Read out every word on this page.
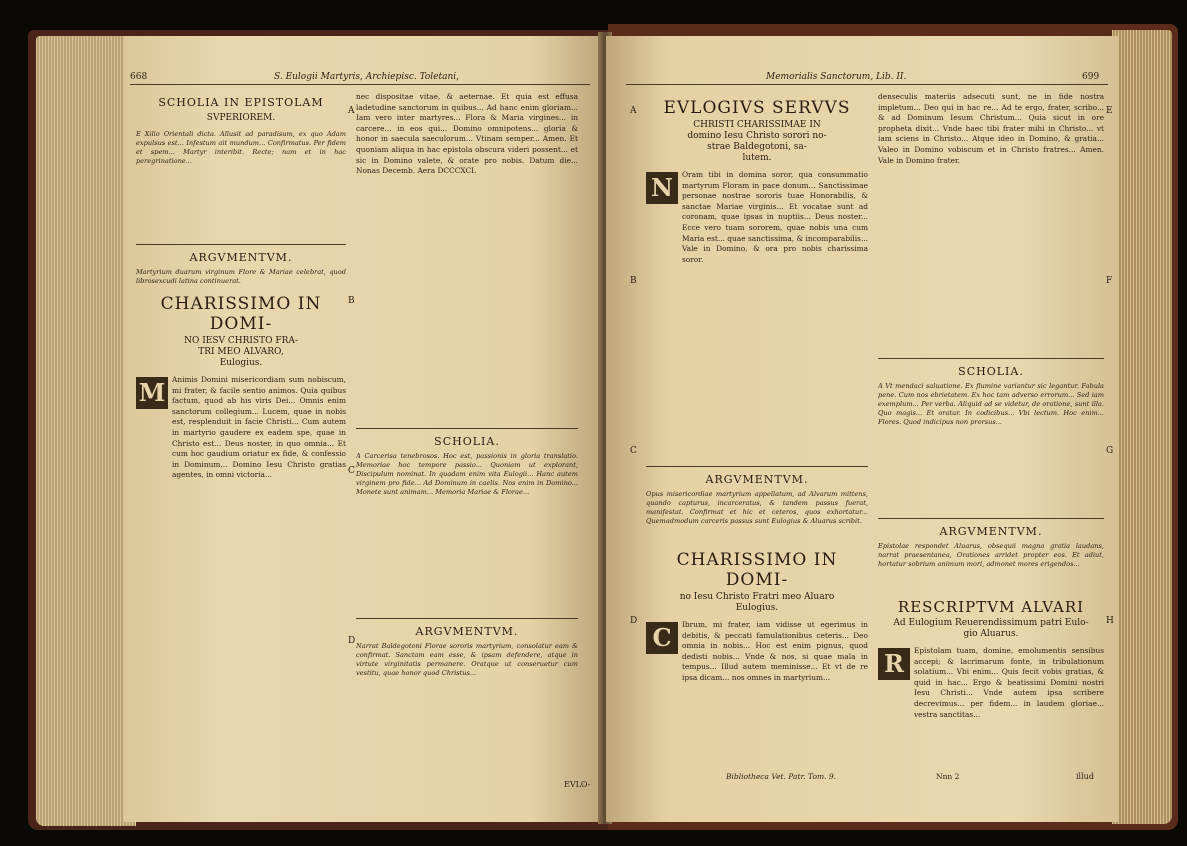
668	S. Eulogii Martyris, Archiepisc. Toletani,
SCHOLIA IN EPISTOLAM
SVPERIOREM.
E Xilio Orientali dicta. Allusit ad paradisum, ex quo Adam expulsus est... Infestum ait mundum... Confirmatus. Per fidem et spem... Martyr interibit. Recte; nam et in hac peregrinatione...
ARGVMENTVM.
Martyrium duarum virginum Flore & Mariae celebrat, quod librosexcudi latina continuerat.
CHARISSIMO IN DOMI-
NO IESV CHRISTO FRA-
TRI MEO ALVARO,
Eulogius.
M Animis Domini misericordiam sum nobiscum, mi frater, & facile sentio animos. Quia quibus factum, quod ab his viris Dei... Omnis enim sanctorum collegium... Lucem, quae in nobis est, resplenduit in facie Christi... Cum autem in martyrio gaudere ex eadem spe, quae in Christo est... Deus noster, in quo omnia... Et cum hoc gaudium oriatur ex fide, & confessio in Dominum... Domino Iesu Christo gratias agentes, in omni victoria...
nec dispositae vitae, & aeternae. Et quia est effusa ladetudine sanctorum in quibus... Ad hanc enim gloriam... Iam vero inter martyres... Flora & Maria virgines... in carcere... in eos qui... Domino omnipotens... gloria & honor in saecula saeculorum... Vtinam semper... Amen. Et quoniam aliqua in hac epistola obscura videri possent... et sic in Domino valete, & orate pro nobis. Datum die... Nonas Decemb. Aera DCCCXCI.
SCHOLIA.
A Carcerisa tenebrosos. Hoc est, passionis in gloria translatio. Memoriae hoc tempore passio... Quoniam ut explorant, Discipulum nominat. In quadam enim vita Eulogii... Hanc autem virginem pro fide... Ad Dominum in caelis. Nos enim in Domino... Monete sunt animam... Memoria Mariae & Florae...
ARGVMENTVM.
Narrat Baldegotoni Florae sororis martyrium, consolatur eam & confirmat. Sanctam eam esse, & ipsam defendere, atque in virtute virginitatis permanere. Oratque ut conseruetur cum vestitu, quae honor quod Christus...
EVLO-
A
B
C
D
Memorialis Sanctorum, Lib. II.	699
A
B
C
D
EVLOGIVS SERVVS
CHRISTI CHARISSIMAE IN
domino Iesu Christo sorori no-
strae Baldegotoni, sa-
lutem.
N	Oram tibi in domina soror, qua consummatio martyrum Floram in pace donum... Sanctissimae personae nostrae sororis tuae Honorabilis, & sanctae Mariae virginis... Et vocatae sunt ad coronam, quae ipsas in nuptiis... Deus noster... Ecce vero tuam sororem, quae nobis una cum Maria est... quae sanctissima, & incomparabilis... Vale in Domino, & ora pro nobis charissima soror.
ARGVMENTVM.
Opus misericordiae martyrium appellatum, ad Alvarum mittens, quando capturus, incarceratus, & tandem passus fuerat, manifestat. Confirmat et hic et ceteros, quos exhortatur... Quemadmodum carceris passus sunt Eulogius & Aluarus scribit.
CHARISSIMO IN DOMI-
no Iesu Christo Fratri meo Aluaro
Eulogius.
C	Ibrum, mi frater, iam vidisse ut egerimus in debitis, & peccati famulationibus ceteris... Deo omnia in nobis... Hoc est enim pignus, quod dedisti nobis... Vnde & nos, si quae mala in tempus... Illud autem meminisse... Et vt de re ipsa dicam... nos omnes in martyrium...
denseculis materiis adsecuti sunt, ne in fide nostra impletum... Deo qui in hac re... Ad te ergo, frater, scribo... & ad Dominum Iesum Christum... Quia sicut in ore propheta dixit... Vnde haec tibi frater mihi in Christo... vt iam sciens in Christo... Atque ideo in Domino, & gratia... Valeo in Domino vobiscum et in Christo fratres... Amen. Vale in Domino frater.
SCHOLIA.
A Vt mendaci saluatione. Ex flumine variantur sic legantur. Fabula pene. Cum nos ebrietatem. Ex hoc tam adverso errorum... Sed iam exemplum... Per verba. Aliquid ad se videtur, de oratione, sunt illa. Quo magis... Et oratur. In codicibus... Vbi lectum. Hoc enim... Flores. Quod indicipus non prorsus...
ARGVMENTVM.
Epistolae respondet Aluarus, obsequii magna gratia laudans, narrat praesentanea, Orationes arridet propter eos. Et adiut, hortatur sobrium animum mori, admonet mores erigendos...
RESCRIPTVM ALVARI
Ad Eulogium Reuerendissimum patri Eulo-
gio Aluarus.
R	Epistolam tuam, domine, emolumentis sensibus accepi; & lacrimarum fonte, in tribulationum solatium... Vbi enim... Quis fecit vobis gratias, & quid in hac... Ergo & beatissimi Domini nostri Iesu Christi... Vnde autem ipsa scribere decrevimus... per fidem... in laudem gloriae... vestra sanctitas...
E
F
G
H
Bibliotheca Vet. Patr. Tom. 9.	Nnn 2	illud
